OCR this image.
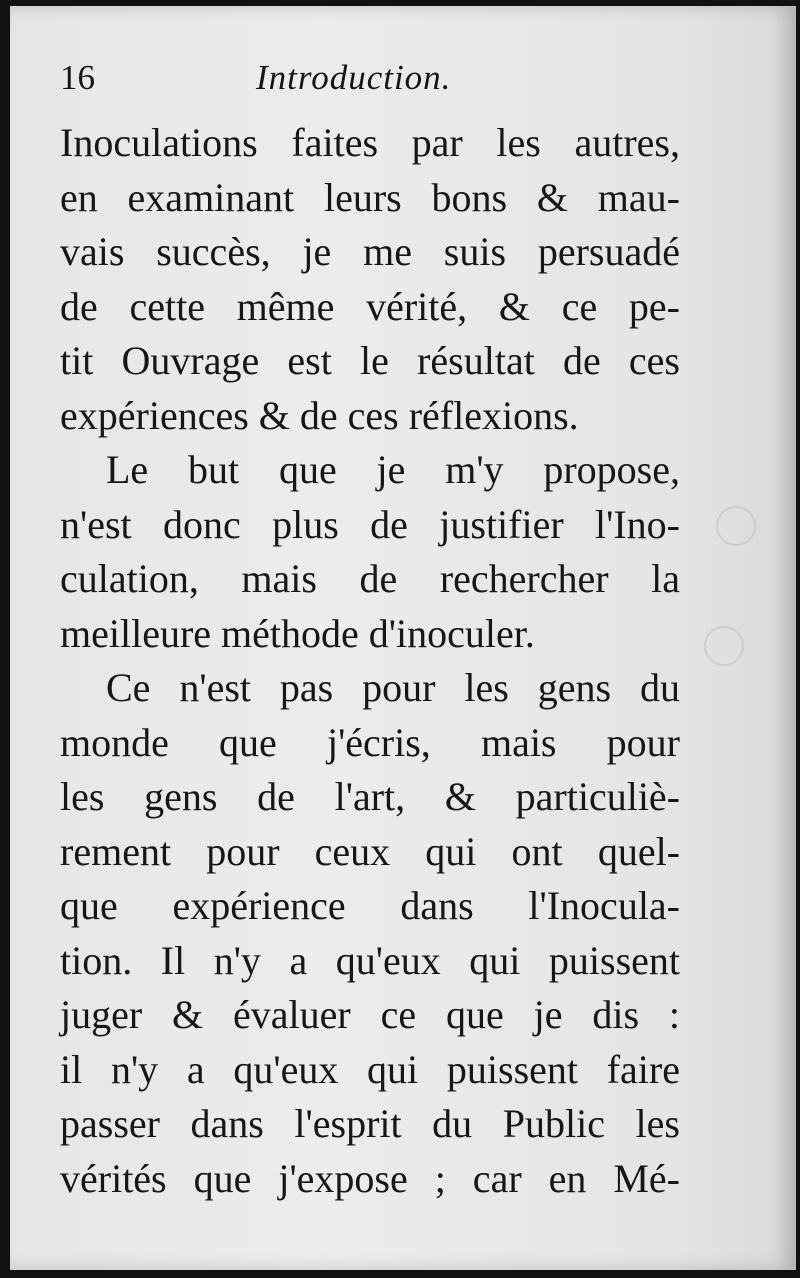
16	Introduction.
Inoculations faites par les autres,
en examinant leurs bons & mau-
vais succès, je me suis persuadé
de cette même vérité, & ce pe-
tit Ouvrage est le résultat de ces
expériences & de ces réflexions.
Le but que je m'y propose,
n'est donc plus de justifier l'Ino-
culation, mais de rechercher la
meilleure méthode d'inoculer.
Ce n'est pas pour les gens du
monde que j'écris, mais pour
les gens de l'art, & particuliè-
rement pour ceux qui ont quel-
que expérience dans l'Inocula-
tion. Il n'y a qu'eux qui puissent
juger & évaluer ce que je dis :
il n'y a qu'eux qui puissent faire
passer dans l'esprit du Public les
vérités que j'expose ; car en Mé-
